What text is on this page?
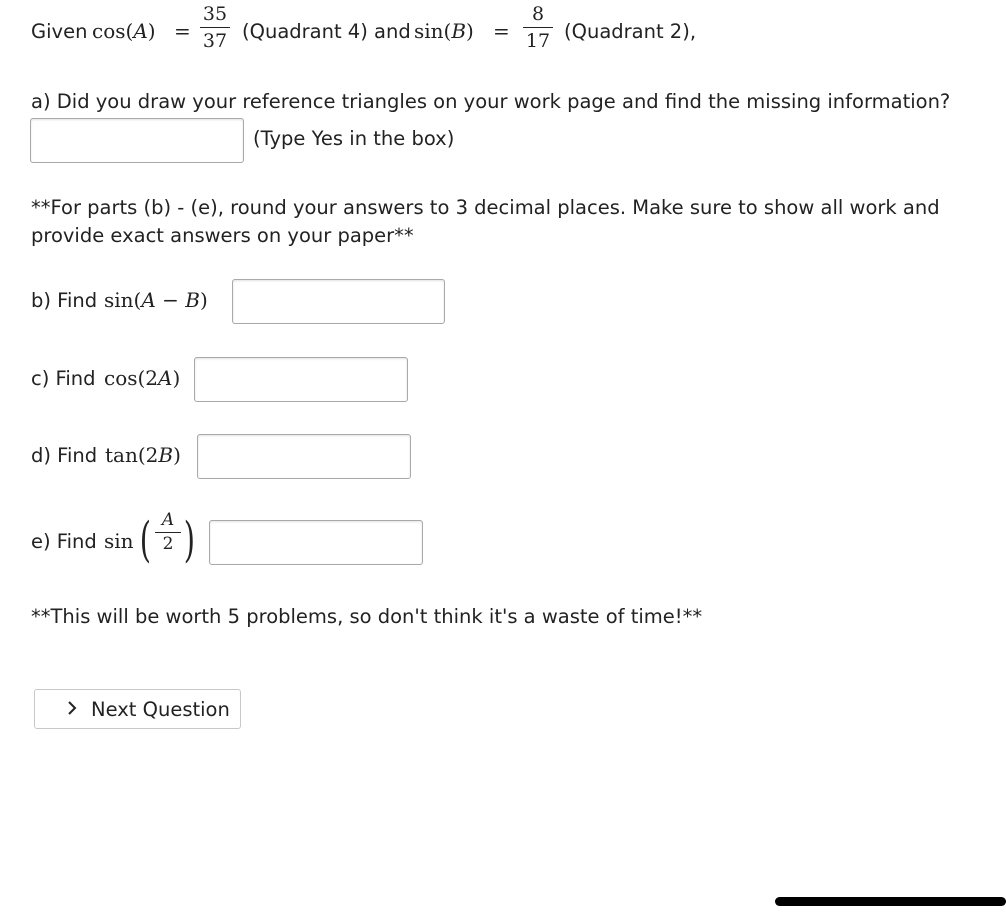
Given cos(A) =
35
37 (Quadrant 4) and sin(B) =
8
17 (Quadrant 2),
a) Did you draw your reference triangles on your work page and find the missing information?
(Type Yes in the box)
**For parts (b) - (e), round your answers to 3 decimal places. Make sure to show all work and
provide exact answers on your paper**
b) Find sin(A − B)
c) Find cos(2A)
d) Find tan(2B)
e) Find sin ( A
2 )
**This will be worth 5 problems, so don't think it's a waste of time!**
Next Question
